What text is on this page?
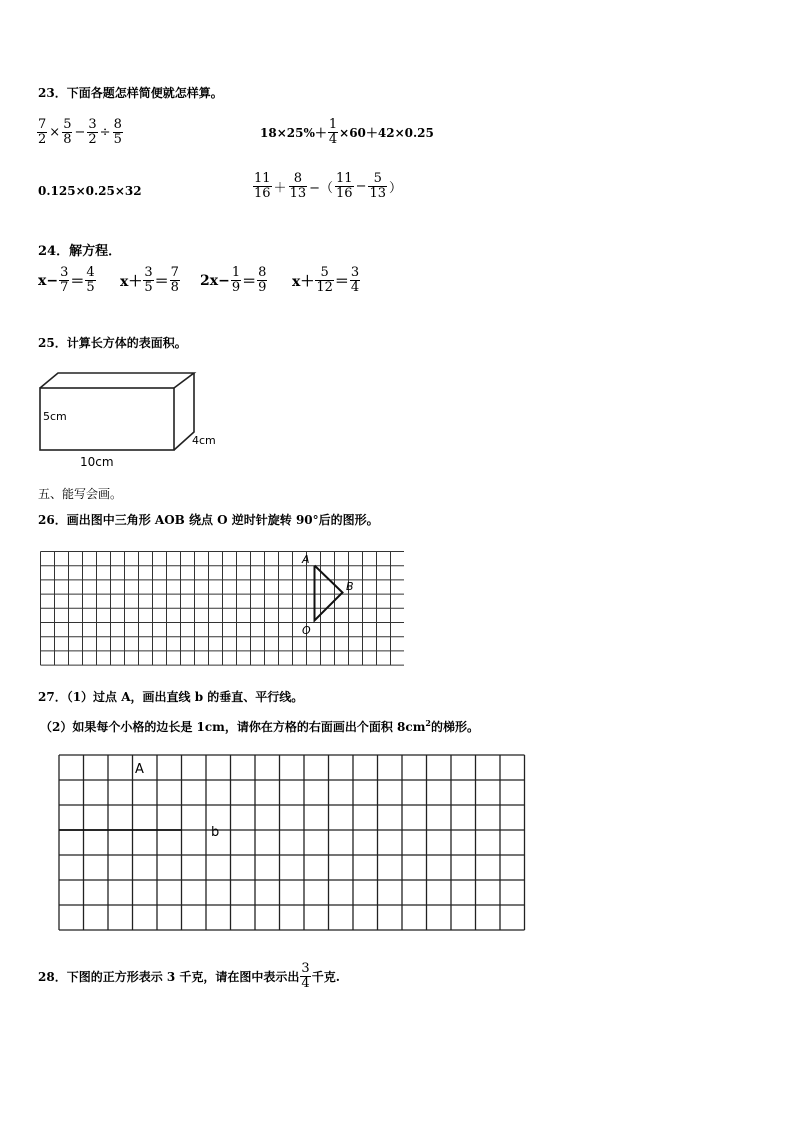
23．下面各题怎样简便就怎样算。
$\frac{7}{2} \times \frac{5}{8} - \frac{3}{2} \div \frac{8}{5}$	$18\times 25\%+ \frac{1}{4} \times 60+42\times 0.25$
0.125×0.25×32	$\frac{11}{16} + \frac{8}{13}$ −（ $\frac{11}{16} - \frac{5}{13}$ ）
24．解方程．
$x- \frac{3}{7} = \frac{4}{5} x+ \frac{3}{5} = \frac{7}{8} 2x- \frac{1}{9} = \frac{8}{9} x+ \frac{5}{12} = \frac{3}{4}$
25．计算长方体的表面积。
5cm
4cm
10cm
五、能写会画。
26．画出图中三角形 AOB 绕点 O 逆时针旋转 90°后的图形。
A
B
O
27．（1）过点 A，画出直线 b 的垂直、平行线。
（2）如果每个小格的边长是 1cm，请你在方格的右面画出个面积 $8cm^2$的梯形。
A
b
28．下图的正方形表示 3 千克，请在图中表示出 $\frac{3}{4}$ 千克.
